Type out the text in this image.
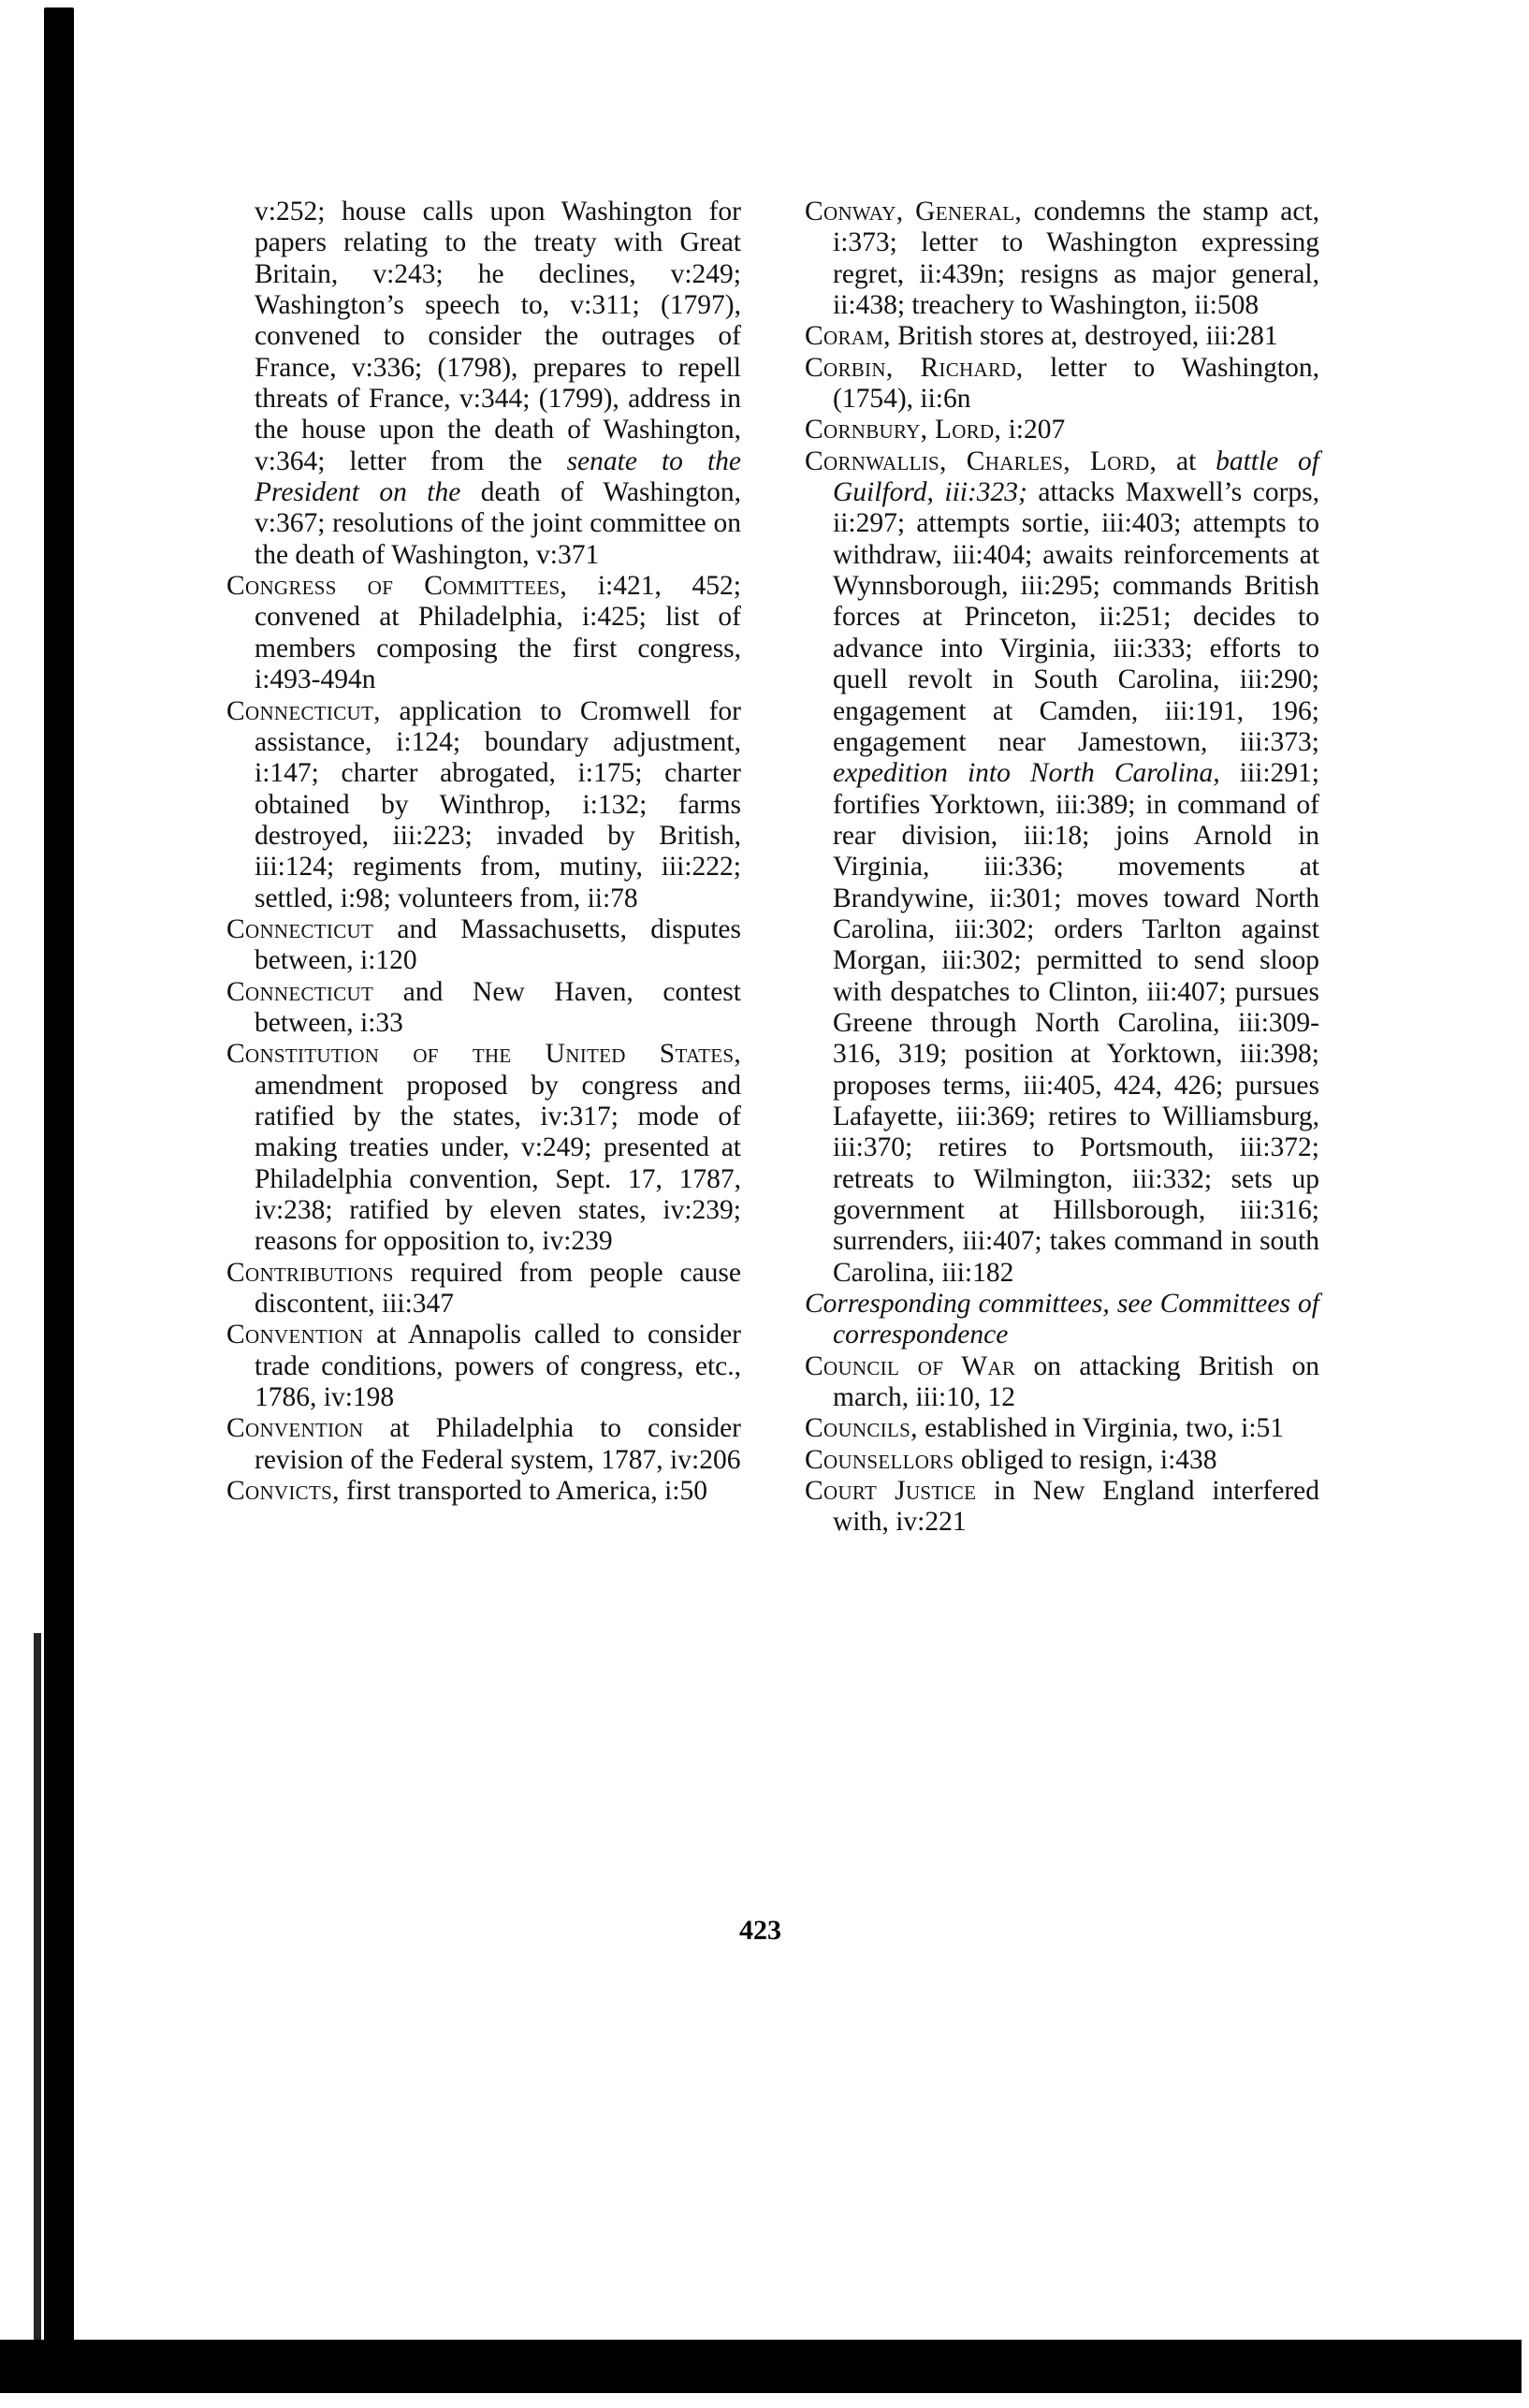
v:252; house calls upon Washington for papers relating to the treaty with Great Britain, v:243; he declines, v:249; Washington’s speech to, v:311; (1797), convened to consider the outrages of France, v:336; (1798), prepares to repell threats of France, v:344; (1799), address in the house upon the death of Washington, v:364; letter from the senate to the President on the death of Washington, v:367; resolutions of the joint committee on the death of Washington, v:371

Congress of Committees, i:421, 452; convened at Philadelphia, i:425; list of members composing the first congress, i:493-494n

Connecticut, application to Cromwell for assistance, i:124; boundary adjustment, i:147; charter abrogated, i:175; charter obtained by Winthrop, i:132; farms destroyed, iii:223; invaded by British, iii:124; regiments from, mutiny, iii:222; settled, i:98; volunteers from, ii:78

Connecticut and Massachusetts, disputes between, i:120

Connecticut and New Haven, contest between, i:33

Constitution of the United States, amendment proposed by congress and ratified by the states, iv:317; mode of making treaties under, v:249; presented at Philadelphia convention, Sept. 17, 1787, iv:238; ratified by eleven states, iv:239; reasons for opposition to, iv:239

Contributions required from people cause discontent, iii:347

Convention at Annapolis called to consider trade conditions, powers of congress, etc., 1786, iv:198

Convention at Philadelphia to consider revision of the Federal system, 1787, iv:206

Convicts, first transported to America, i:50

Conway, General, condemns the stamp act, i:373; letter to Washington expressing regret, ii:439n; resigns as major general, ii:438; treachery to Washington, ii:508

Coram, British stores at, destroyed, iii:281

Corbin, Richard, letter to Washington, (1754), ii:6n

Cornbury, Lord, i:207

Cornwallis, Charles, Lord, at battle of Guilford, iii:323; attacks Maxwell’s corps, ii:297; attempts sortie, iii:403; attempts to withdraw, iii:404; awaits reinforcements at Wynnsborough, iii:295; commands British forces at Princeton, ii:251; decides to advance into Virginia, iii:333; efforts to quell revolt in South Carolina, iii:290; engagement at Camden, iii:191, 196; engagement near Jamestown, iii:373; expedition into North Carolina, iii:291; fortifies Yorktown, iii:389; in command of rear division, iii:18; joins Arnold in Virginia, iii:336; movements at Brandywine, ii:301; moves toward North Carolina, iii:302; orders Tarlton against Morgan, iii:302; permitted to send sloop with despatches to Clinton, iii:407; pursues Greene through North Carolina, iii:309-316, 319; position at Yorktown, iii:398; proposes terms, iii:405, 424, 426; pursues Lafayette, iii:369; retires to Williamsburg, iii:370; retires to Portsmouth, iii:372; retreats to Wilmington, iii:332; sets up government at Hillsborough, iii:316; surrenders, iii:407; takes command in south Carolina, iii:182

Corresponding committees, see Committees of correspondence

Council of War on attacking British on march, iii:10, 12

Councils, established in Virginia, two, i:51

Counsellors obliged to resign, i:438

Court Justice in New England interfered with, iv:221

423
